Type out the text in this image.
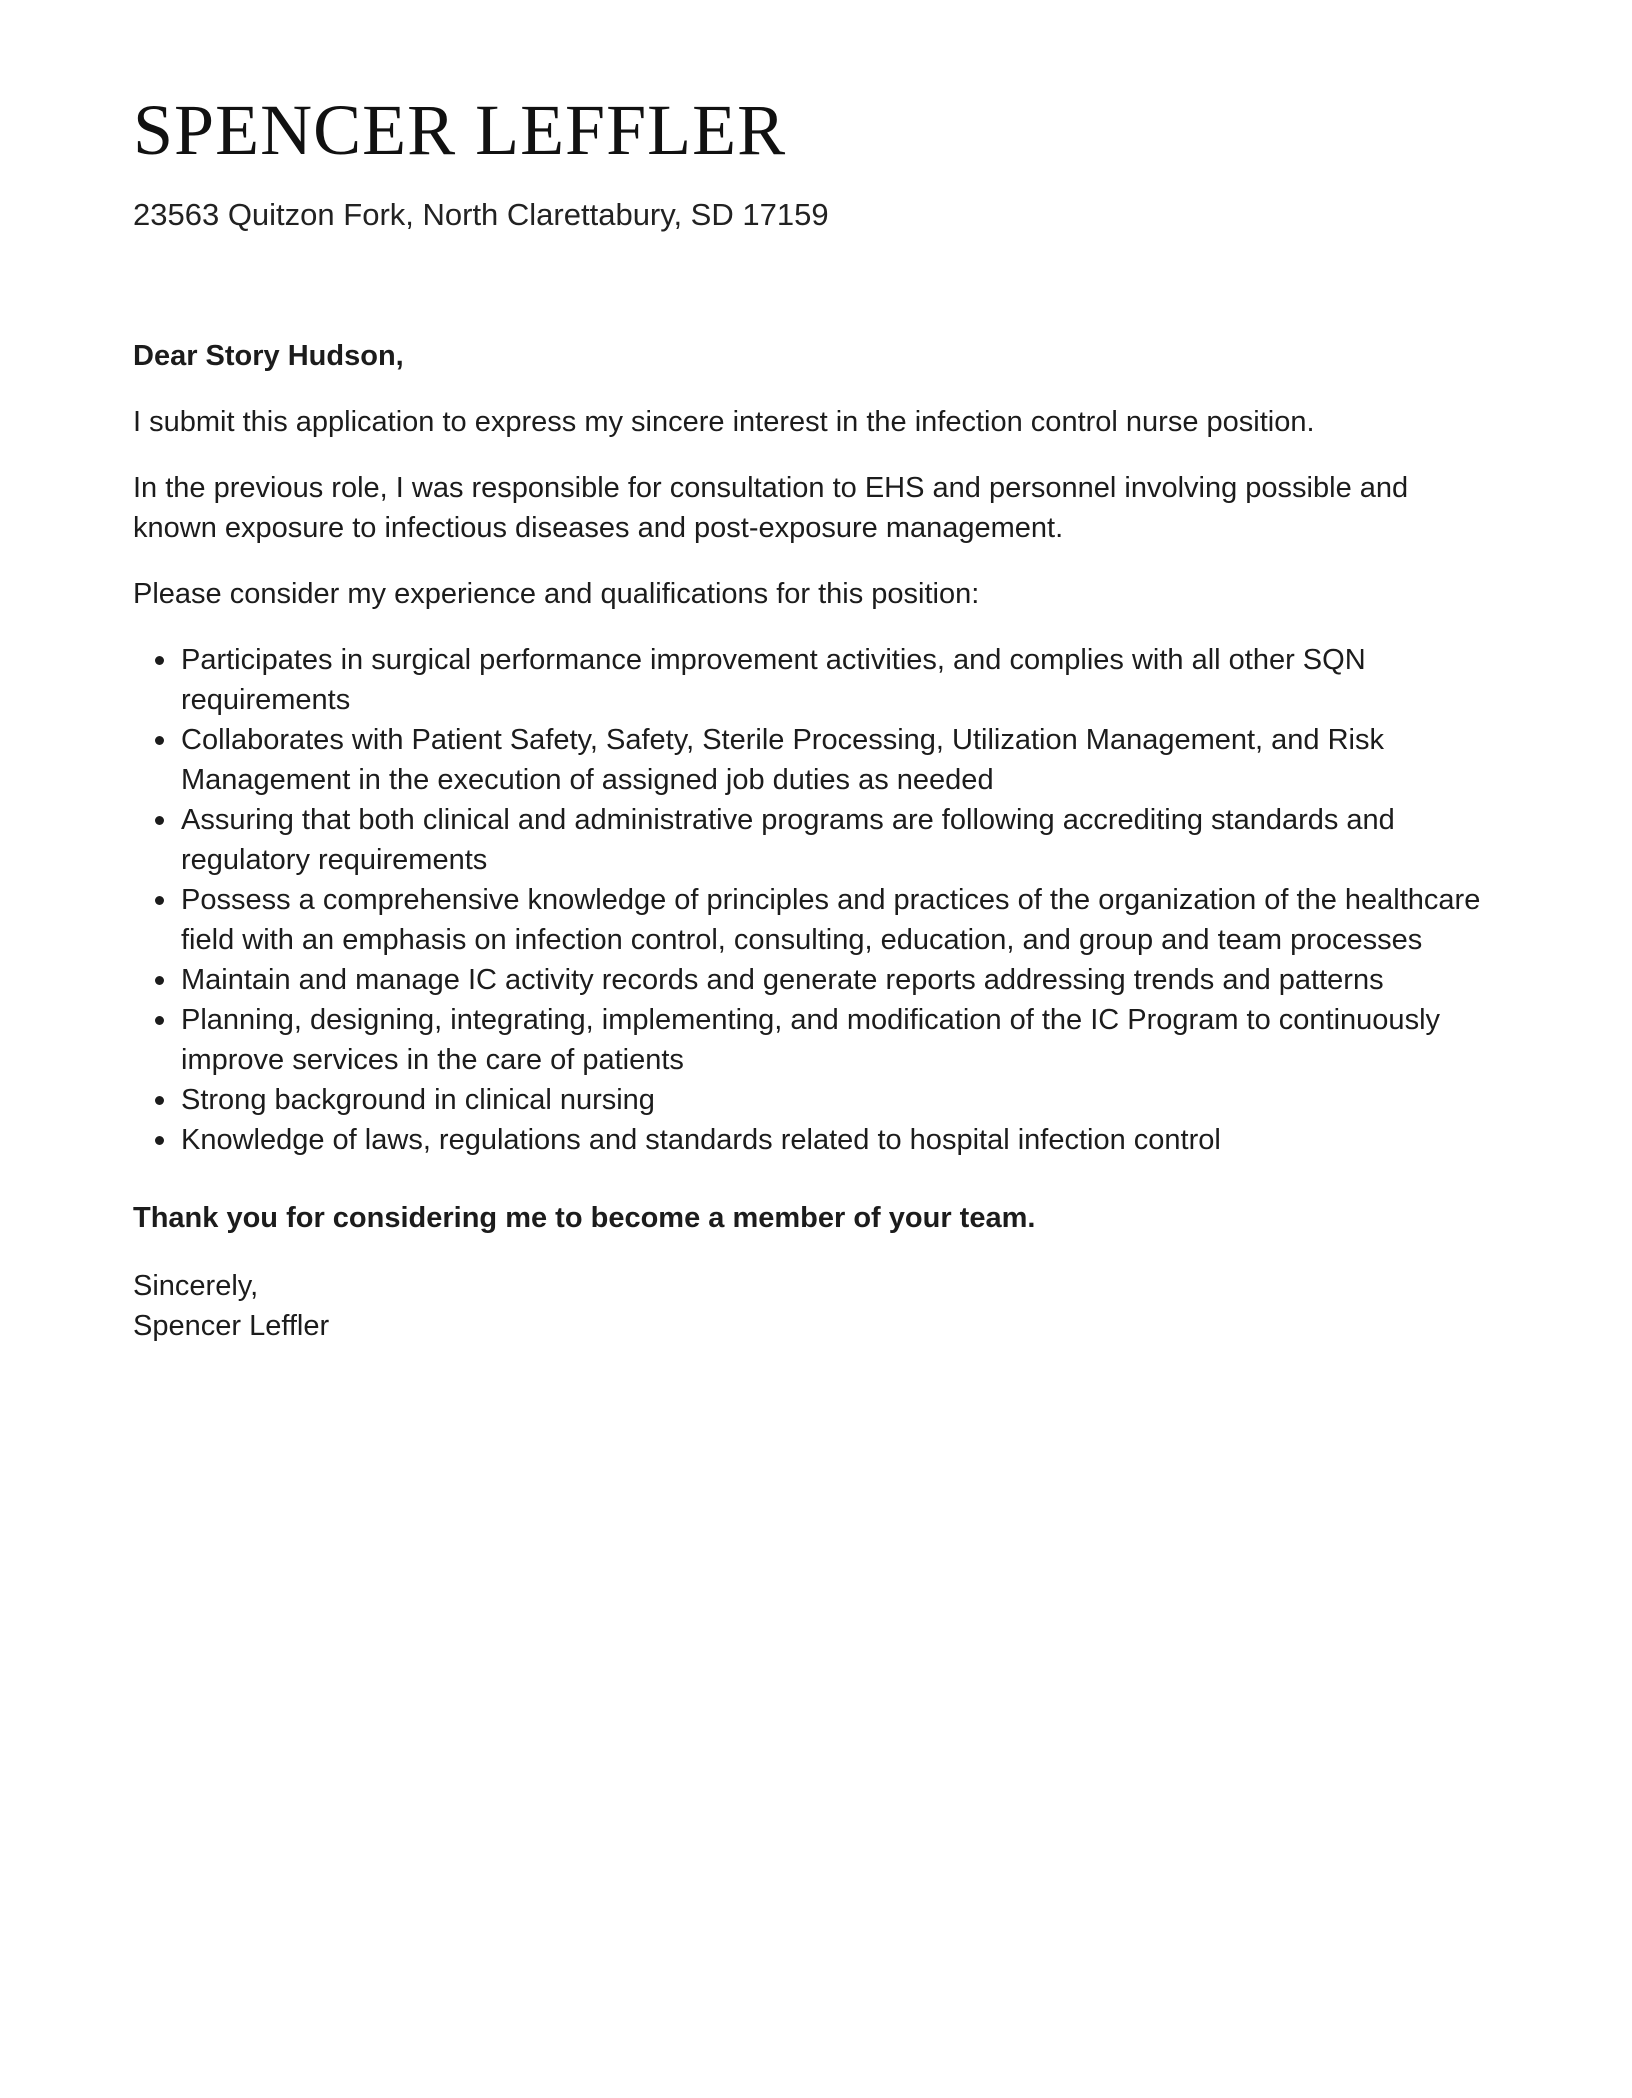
SPENCER LEFFLER
23563 Quitzon Fork, North Clarettabury, SD 17159

Dear Story Hudson,

I submit this application to express my sincere interest in the infection control nurse position.

In the previous role, I was responsible for consultation to EHS and personnel involving possible and known exposure to infectious diseases and post-exposure management.

Please consider my experience and qualifications for this position:

Participates in surgical performance improvement activities, and complies with all other SQN requirements
Collaborates with Patient Safety, Safety, Sterile Processing, Utilization Management, and Risk Management in the execution of assigned job duties as needed
Assuring that both clinical and administrative programs are following accrediting standards and regulatory requirements
Possess a comprehensive knowledge of principles and practices of the organization of the healthcare field with an emphasis on infection control, consulting, education, and group and team processes
Maintain and manage IC activity records and generate reports addressing trends and patterns
Planning, designing, integrating, implementing, and modification of the IC Program to continuously improve services in the care of patients
Strong background in clinical nursing
Knowledge of laws, regulations and standards related to hospital infection control

Thank you for considering me to become a member of your team.

Sincerely,

Spencer Leffler
